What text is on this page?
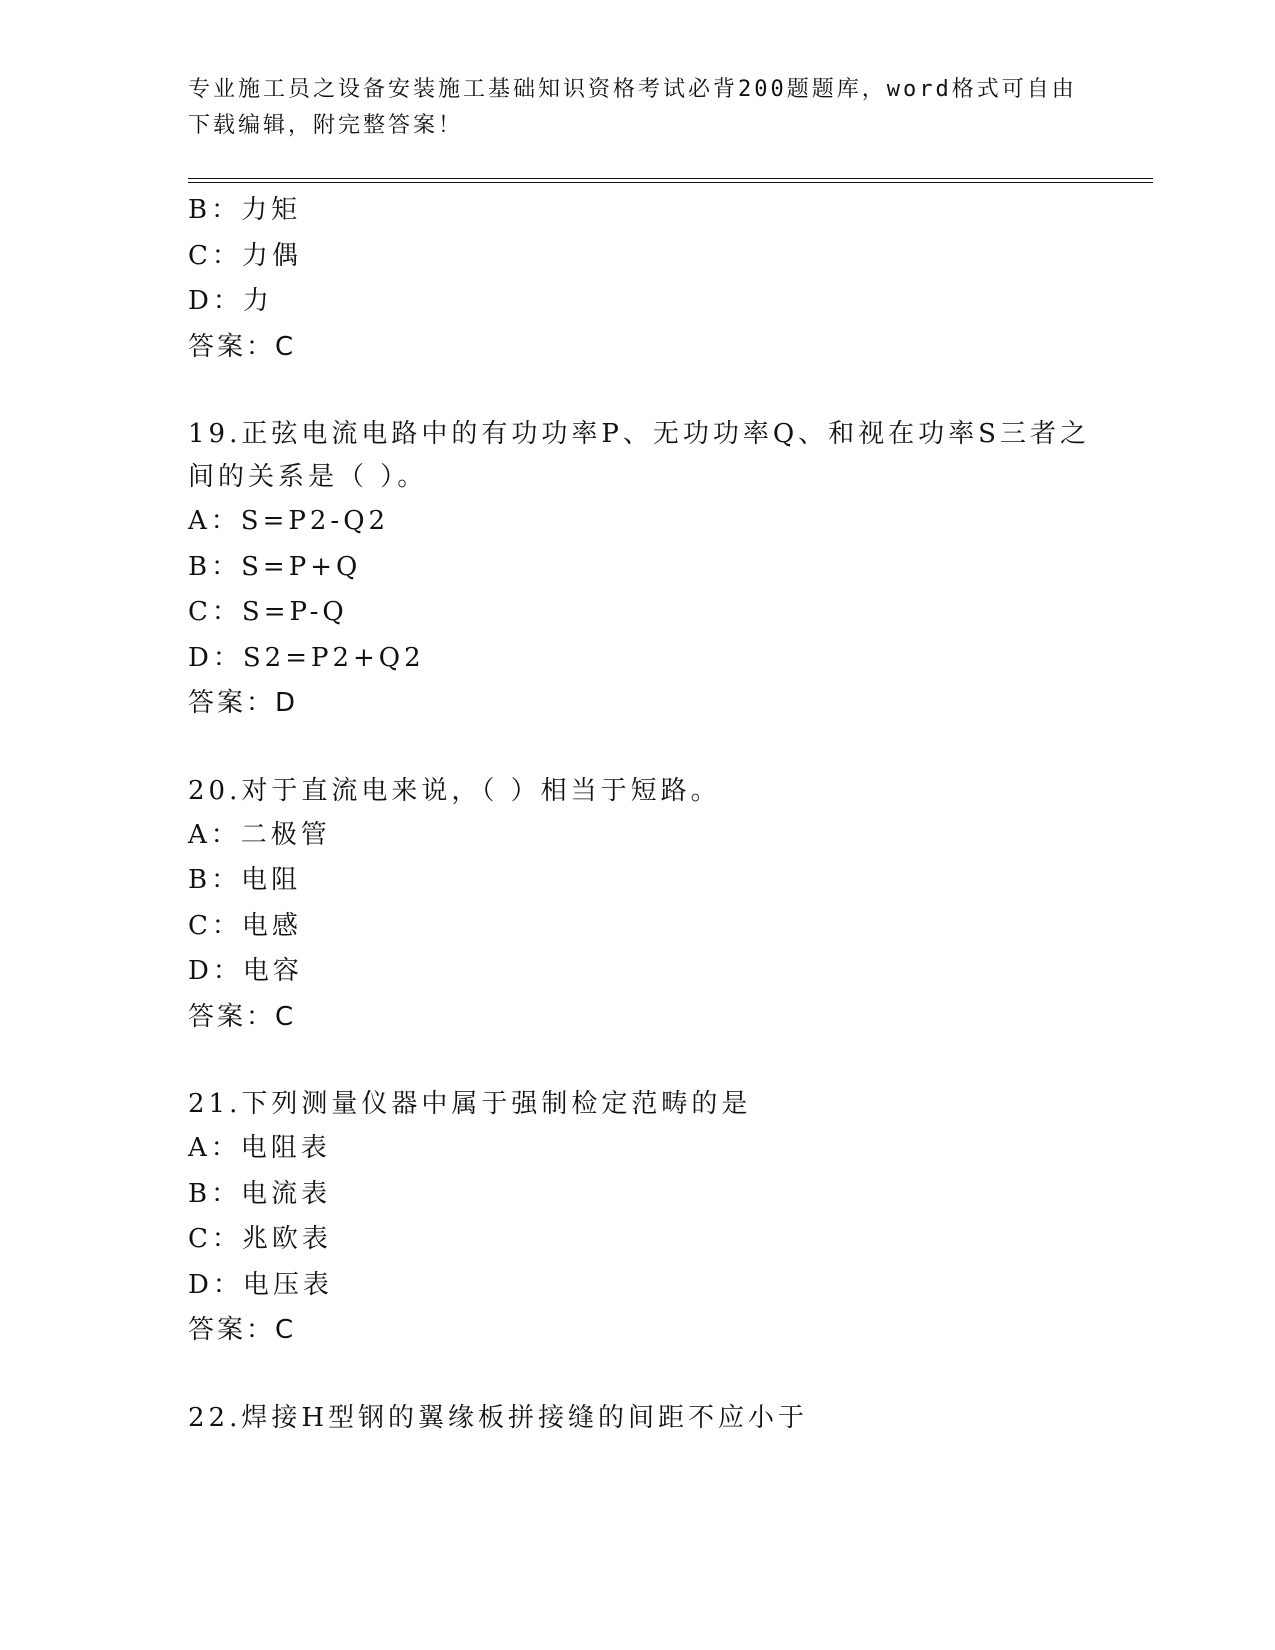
专业施工员之设备安装施工基础知识资格考试必背200题题库，word格式可自由下载编辑，附完整答案！
B：力矩
C：力偶
D：力
答案：C
19.正弦电流电路中的有功功率P、无功功率Q、和视在功率S三者之间的关系是（ ）。
A：S=P2-Q2
B：S=P+Q
C：S=P-Q
D：S2=P2+Q2
答案：D
20.对于直流电来说，（ ）相当于短路。
A：二极管
B：电阻
C：电感
D：电容
答案：C
21.下列测量仪器中属于强制检定范畴的是
A：电阻表
B：电流表
C：兆欧表
D：电压表
答案：C
22.焊接H型钢的翼缘板拼接缝的间距不应小于
